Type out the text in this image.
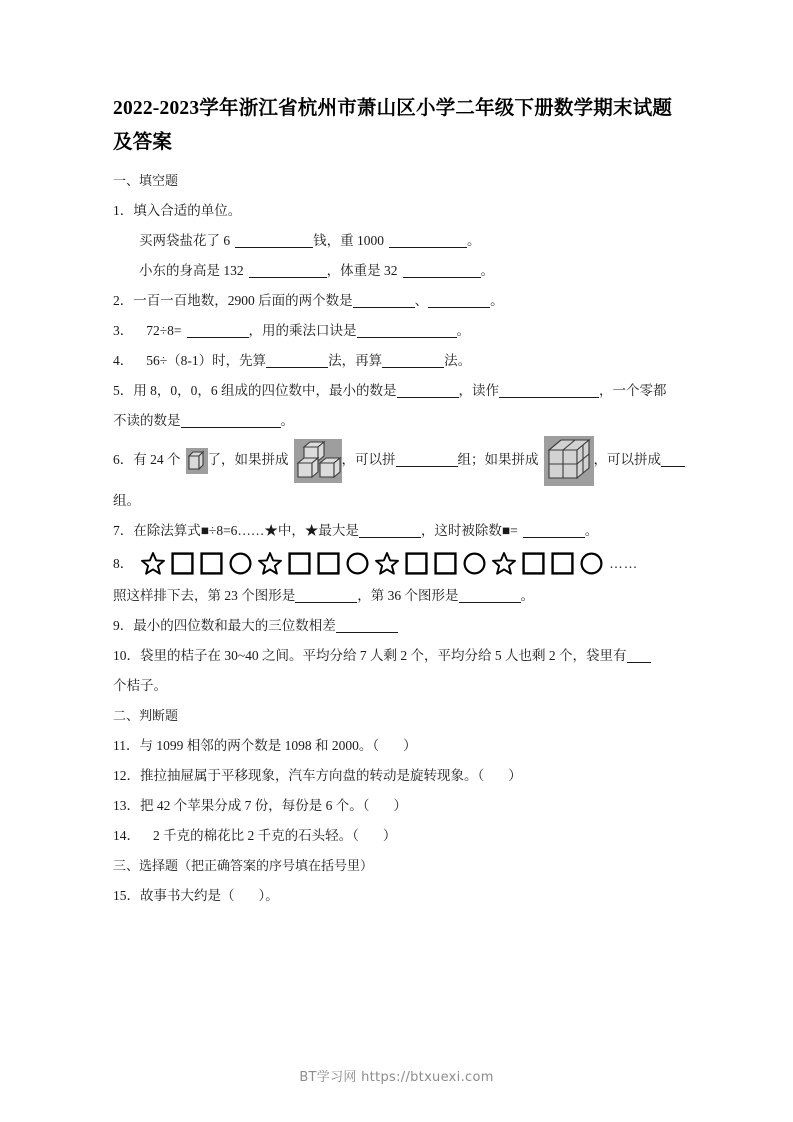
2022-2023学年浙江省杭州市萧山区小学二年级下册数学期末试题及答案

一、填空题

1．填入合适的单位。

买两袋盐花了 6	钱，重 1000	。

小东的身高是 132	，体重是 32	。

2．一百一百地数，2900 后面的两个数是	、	。

3． 72÷8=	，用的乘法口诀是	。

4． 56÷（8-1）时，先算	法，再算	法。

5．用 8，0，0，6 组成的四位数中，最小的数是	，读作	，一个零都

不读的数是	。

6．有 24 个 了，如果拼成	，可以拼	组；如果拼成	，可以拼成

组。

7．在除法算式■÷8=6……★中，★最大是	，这时被除数■=	。

8．	……

照这样排下去，第 23 个图形是	，第 36 个图形是	。

9．最小的四位数和最大的三位数相差

10．袋里的桔子在 30~40 之间。平均分给 7 人剩 2 个，平均分给 5 人也剩 2 个，袋里有

个桔子。

二、判断题

11．与 1099 相邻的两个数是 1098 和 2000。（ ）

12．推拉抽屉属于平移现象，汽车方向盘的转动是旋转现象。（ ）

13．把 42 个苹果分成 7 份，每份是 6 个。（ ）

14． 2 千克的棉花比 2 千克的石头轻。（ ）

三、选择题（把正确答案的序号填在括号里）

15．故事书大约是（ ）。

BT学习网 https://btxuexi.com
